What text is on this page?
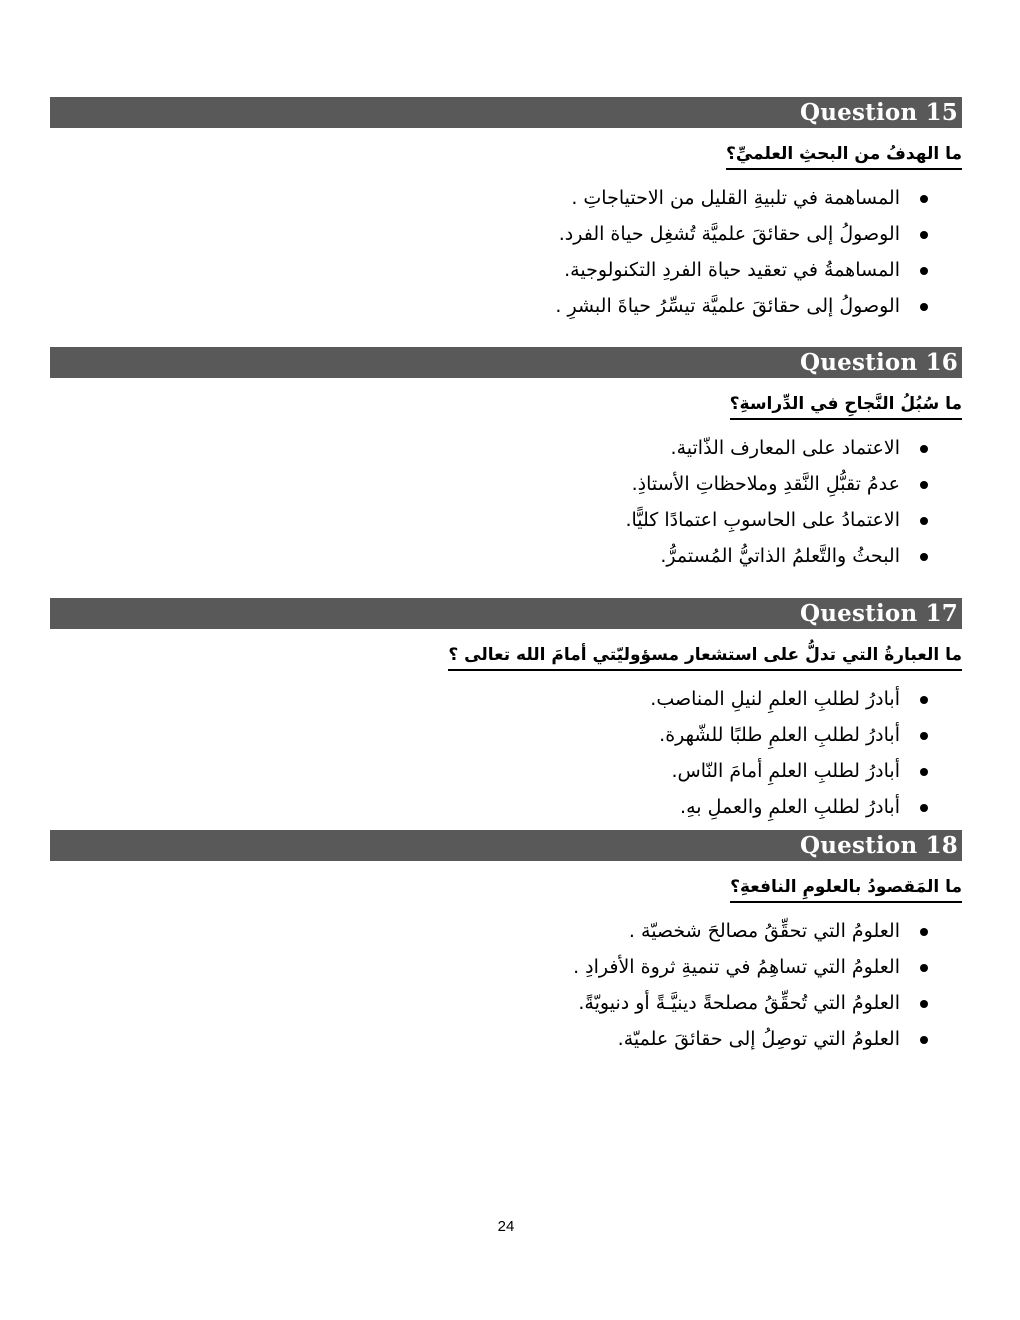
Question 15
ما الهدفُ من البحثِ العلميِّ؟
المساهمة في تلبيةِ القليل من الاحتياجاتِ .
الوصولُ إلى حقائقَ علميَّة تُشغِل حياة الفرد.
المساهمةُ في تعقيد حياة الفردِ التكنولوجية.
الوصولُ إلى حقائقَ علميَّة تيسِّرُ حياةَ البشرِ .
Question 16
ما سُبُلُ النَّجاحِ في الدِّراسةِ؟
الاعتماد على المعارف الذّاتية.
عدمُ تقبُّلِ النَّقدِ وملاحظاتِ الأستاذِ.
الاعتمادُ على الحاسوبِ اعتمادًا كليًّا.
البحثُ والتَّعلمُ الذاتيُّ المُستمرُّ.
Question 17
ما العبارةُ التي تدلُّ على استشعار مسؤوليّتي أمامَ الله تعالى ؟
أبادرُ لطلبِ العلمِ لنيلِ المناصب.
أبادرُ لطلبِ العلمِ طلبًا للشّهرة.
أبادرُ لطلبِ العلمِ أمامَ النّاس.
أبادرُ لطلبِ العلمِ والعملِ بهِ.
Question 18
ما المَقصودُ بالعلومِ النافعةِ؟
العلومُ التي تحقِّقُ مصالحَ شخصيّة .
العلومُ التي تساهِمُ في تنميةِ ثروة الأفرادِ .
العلومُ التي تُحقِّقُ مصلحةً دينيَّـةً أو دنيويّةً.
العلومُ التي توصِلُ إلى حقائقَ علميّة.
24
